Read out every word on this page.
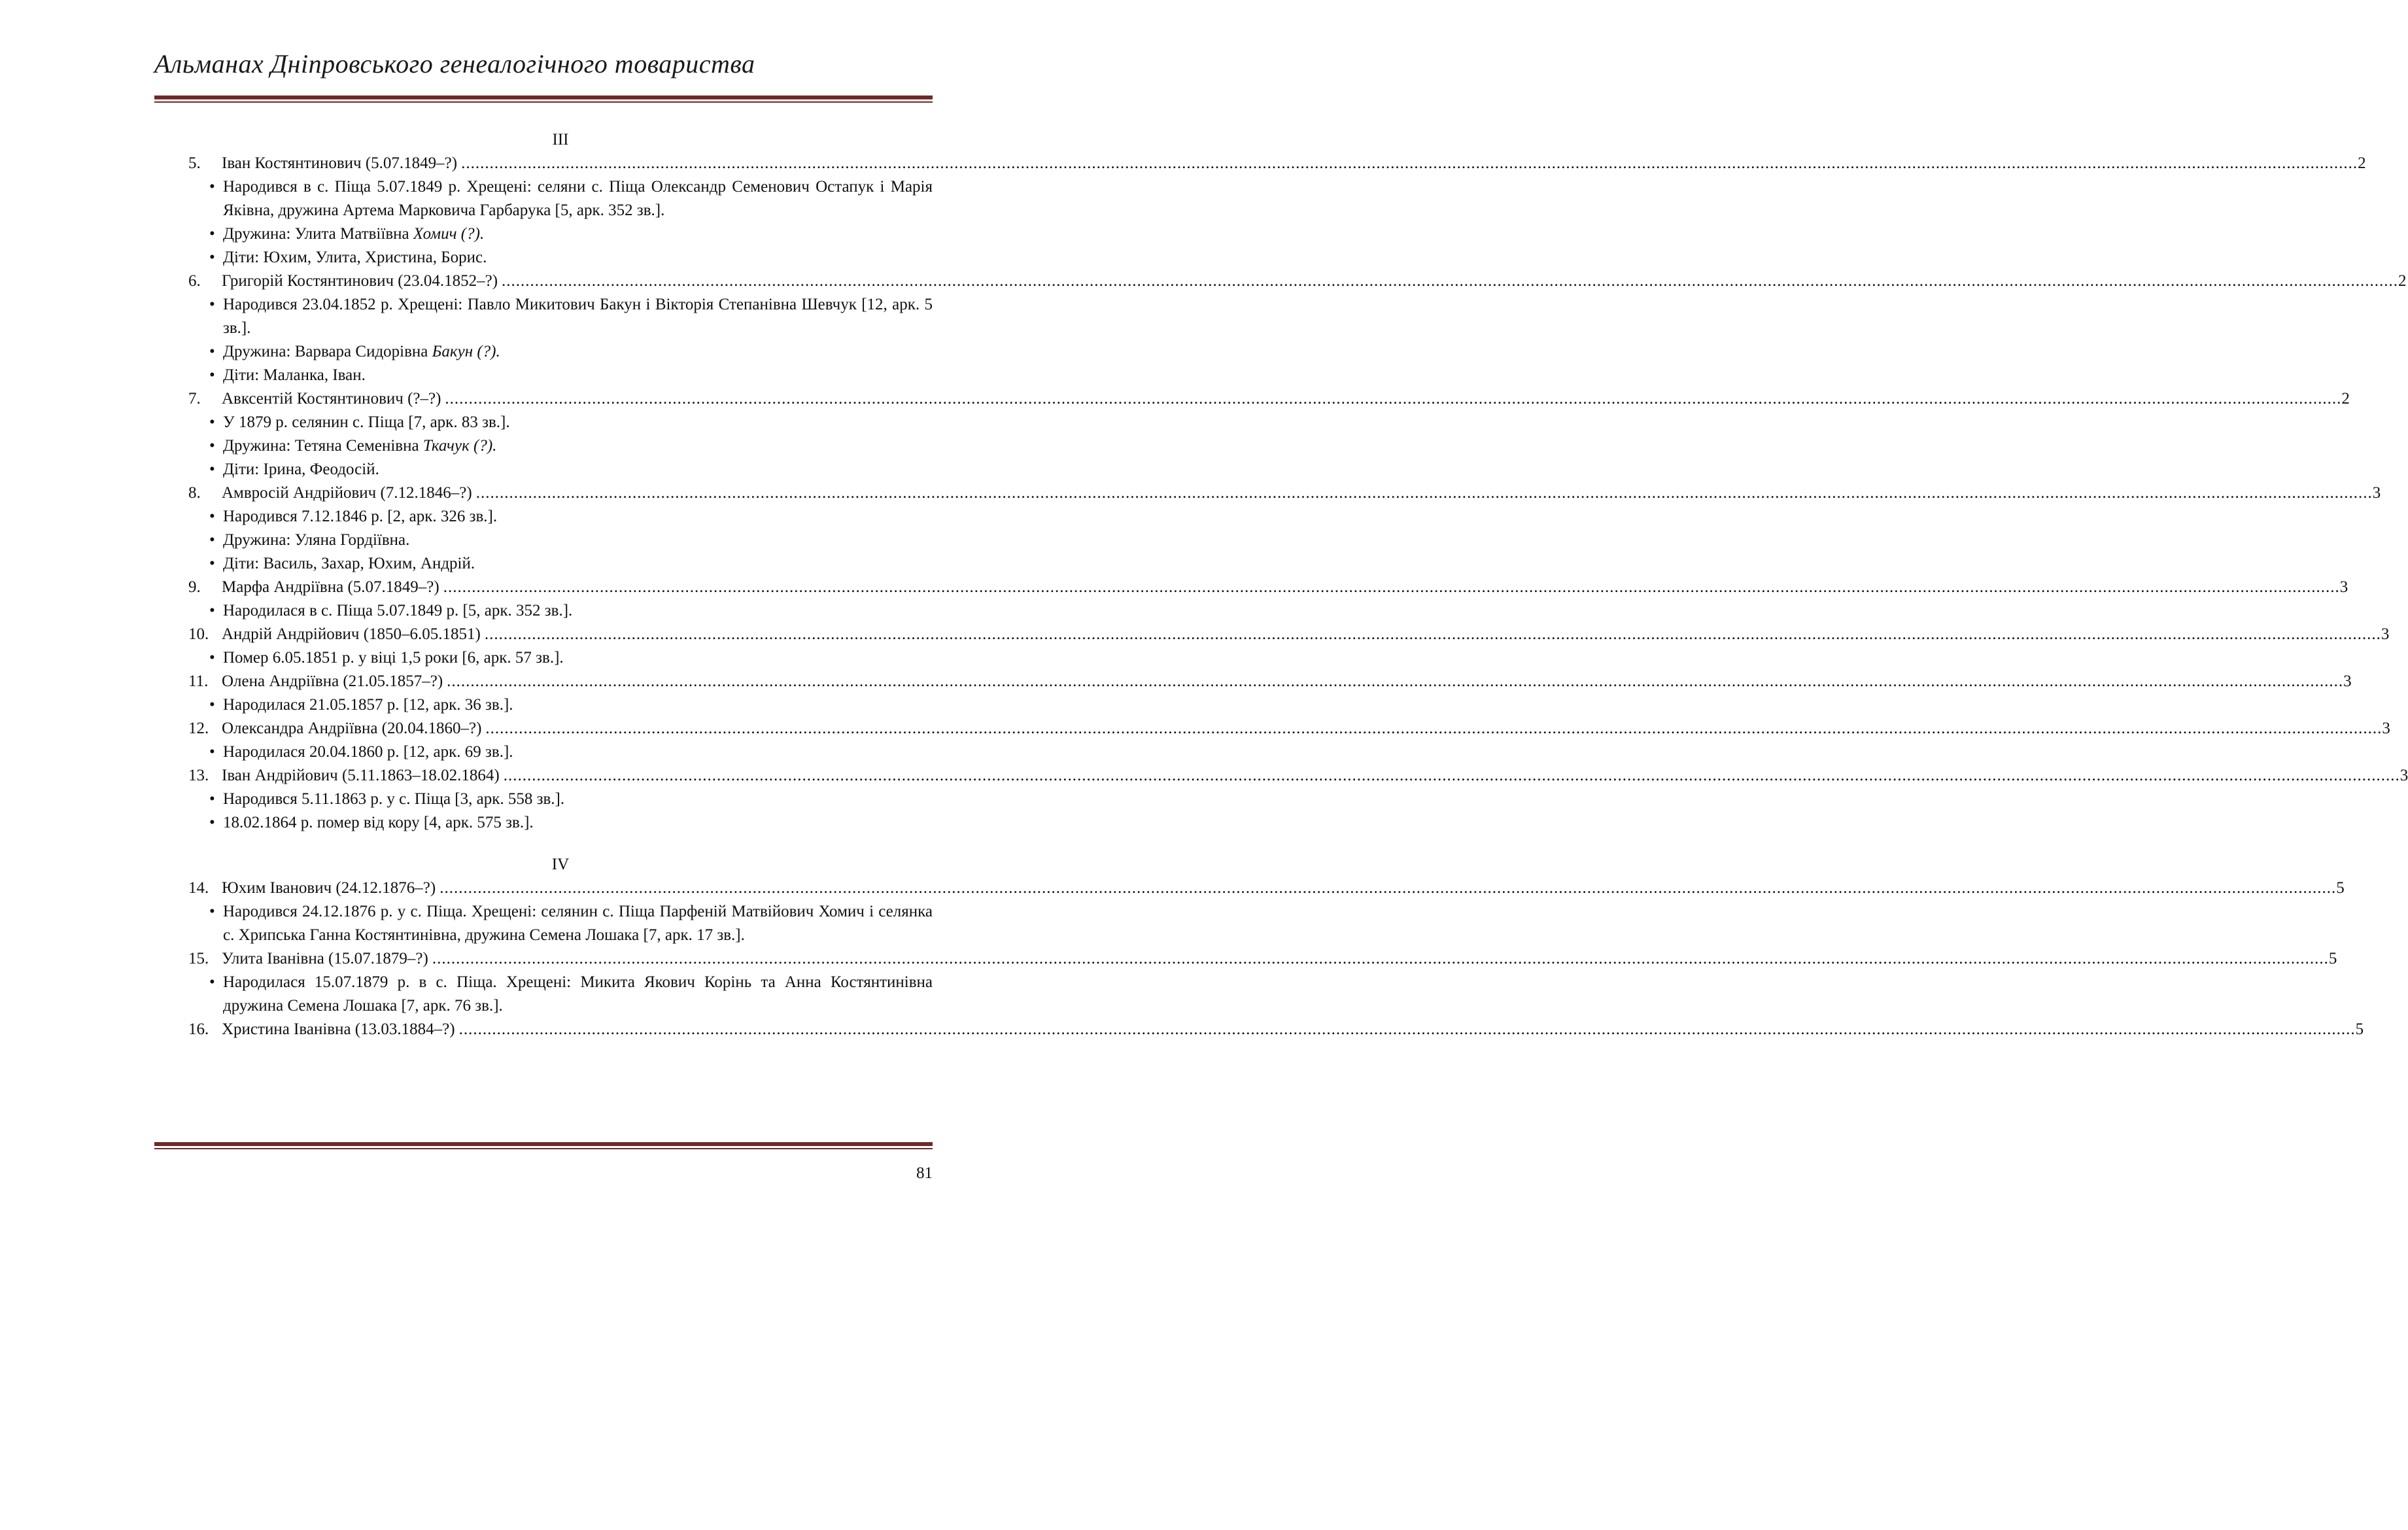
Альманах Дніпровського генеалогічного товариства
III
5.	Іван Костянтинович (5.07.1849–?) ................................................................................................................................................................................................................................................................................................................................................................................................................ 2
• Народився в с. Піща 5.07.1849 р. Хрещені: селяни с. Піща Олександр Семенович Остапук і Марія Яківна, дружина Артема Марковича Гарбарука [5, арк. 352 зв.].
• Дружина: Улита Матвіївна Хомич (?).
• Діти: Юхим, Улита, Христина, Борис.
6.	Григорій Костянтинович (23.04.1852–?) ................................................................................................................................................................................................................................................................................................................................................................................................................ 2
• Народився 23.04.1852 р. Хрещені: Павло Микитович Бакун і Вікторія Степанівна Шевчук [12, арк. 5 зв.].
• Дружина: Варвара Сидорівна Бакун (?).
• Діти: Маланка, Іван.
7.	Авксентій Костянтинович (?–?) ................................................................................................................................................................................................................................................................................................................................................................................................................ 2
• У 1879 р. селянин с. Піща [7, арк. 83 зв.].
• Дружина: Тетяна Семенівна Ткачук (?).
• Діти: Ірина, Феодосій.
8.	Амвросій Андрійович (7.12.1846–?) ................................................................................................................................................................................................................................................................................................................................................................................................................ 3
• Народився 7.12.1846 р. [2, арк. 326 зв.].
• Дружина: Уляна Гордіївна.
• Діти: Василь, Захар, Юхим, Андрій.
9.	Марфа Андріївна (5.07.1849–?) ................................................................................................................................................................................................................................................................................................................................................................................................................ 3
• Народилася в с. Піща 5.07.1849 р. [5, арк. 352 зв.].
10. Андрій Андрійович (1850–6.05.1851) ................................................................................................................................................................................................................................................................................................................................................................................................................ 3
• Помер 6.05.1851 р. у віці 1,5 роки [6, арк. 57 зв.].
11. Олена Андріївна (21.05.1857–?) ................................................................................................................................................................................................................................................................................................................................................................................................................ 3
• Народилася 21.05.1857 р. [12, арк. 36 зв.].
12. Олександра Андріївна (20.04.1860–?) ................................................................................................................................................................................................................................................................................................................................................................................................................ 3
• Народилася 20.04.1860 р. [12, арк. 69 зв.].
13. Іван Андрійович (5.11.1863–18.02.1864) ................................................................................................................................................................................................................................................................................................................................................................................................................ 3
• Народився 5.11.1863 р. у с. Піща [3, арк. 558 зв.].
• 18.02.1864 р. помер від кору [4, арк. 575 зв.].
IV
14. Юхим Іванович (24.12.1876–?) ................................................................................................................................................................................................................................................................................................................................................................................................................ 5
• Народився 24.12.1876 р. у с. Піща. Хрещені: селянин с. Піща Парфеній Матвійович Хомич і селянка с. Хрипська Ганна Костянтинівна, дружина Семена Лошака [7, арк. 17 зв.].
15. Улита Іванівна (15.07.1879–?) ................................................................................................................................................................................................................................................................................................................................................................................................................ 5
• Народилася 15.07.1879 р. в с. Піща. Хрещені: Микита Якович Корінь та Анна Костянтинівна дружина Семена Лошака [7, арк. 76 зв.].
16. Христина Іванівна (13.03.1884–?) ................................................................................................................................................................................................................................................................................................................................................................................................................ 5
81
